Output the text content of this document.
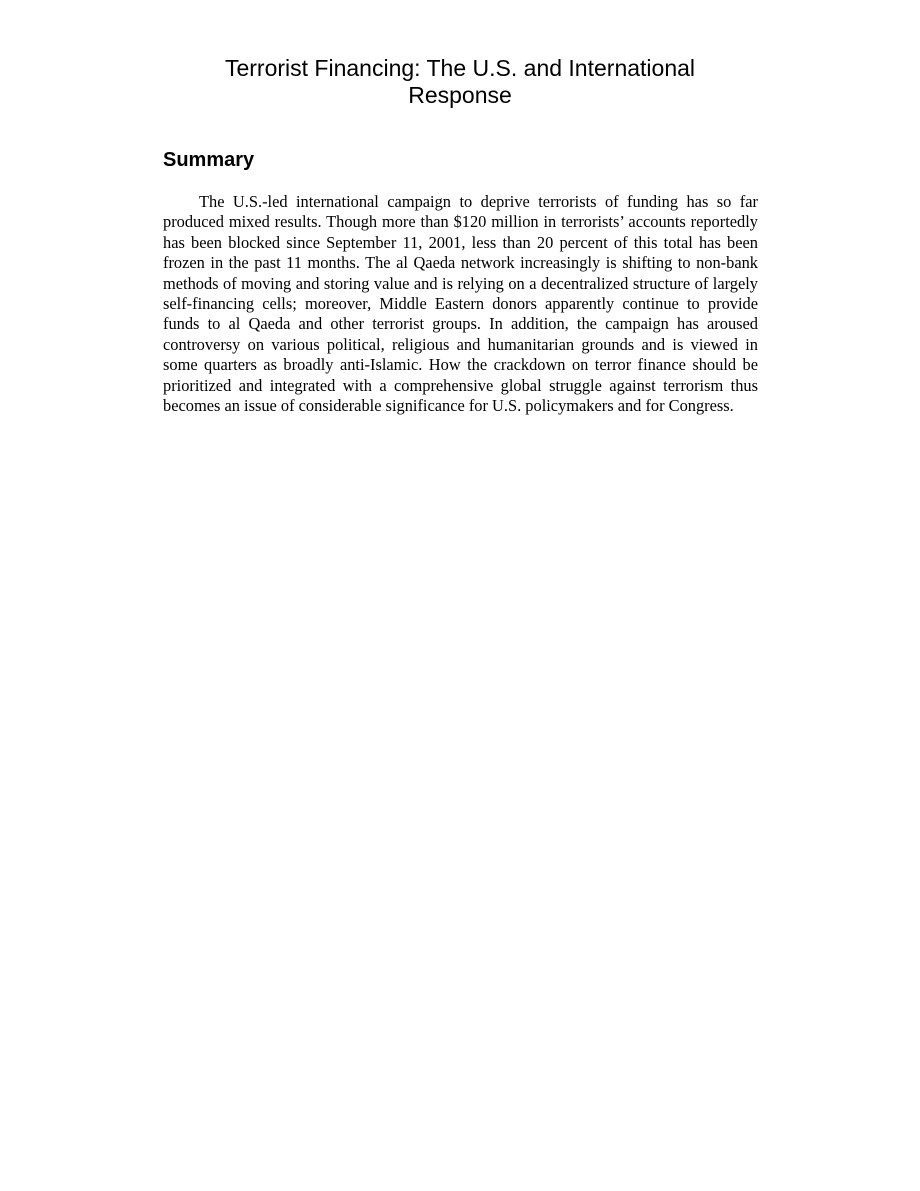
Terrorist Financing: The U.S. and International
Response
Summary

The U.S.-led international campaign to deprive terrorists of funding has so far produced mixed results. Though more than $120 million in terrorists’ accounts reportedly has been blocked since September 11, 2001, less than 20 percent of this total has been frozen in the past 11 months. The al Qaeda network increasingly is shifting to non-bank methods of moving and storing value and is relying on a decentralized structure of largely self-financing cells; moreover, Middle Eastern donors apparently continue to provide funds to al Qaeda and other terrorist groups. In addition, the campaign has aroused controversy on various political, religious and humanitarian grounds and is viewed in some quarters as broadly anti-Islamic. How the crackdown on terror finance should be prioritized and integrated with a comprehensive global struggle against terrorism thus becomes an issue of considerable significance for U.S. policymakers and for Congress.
